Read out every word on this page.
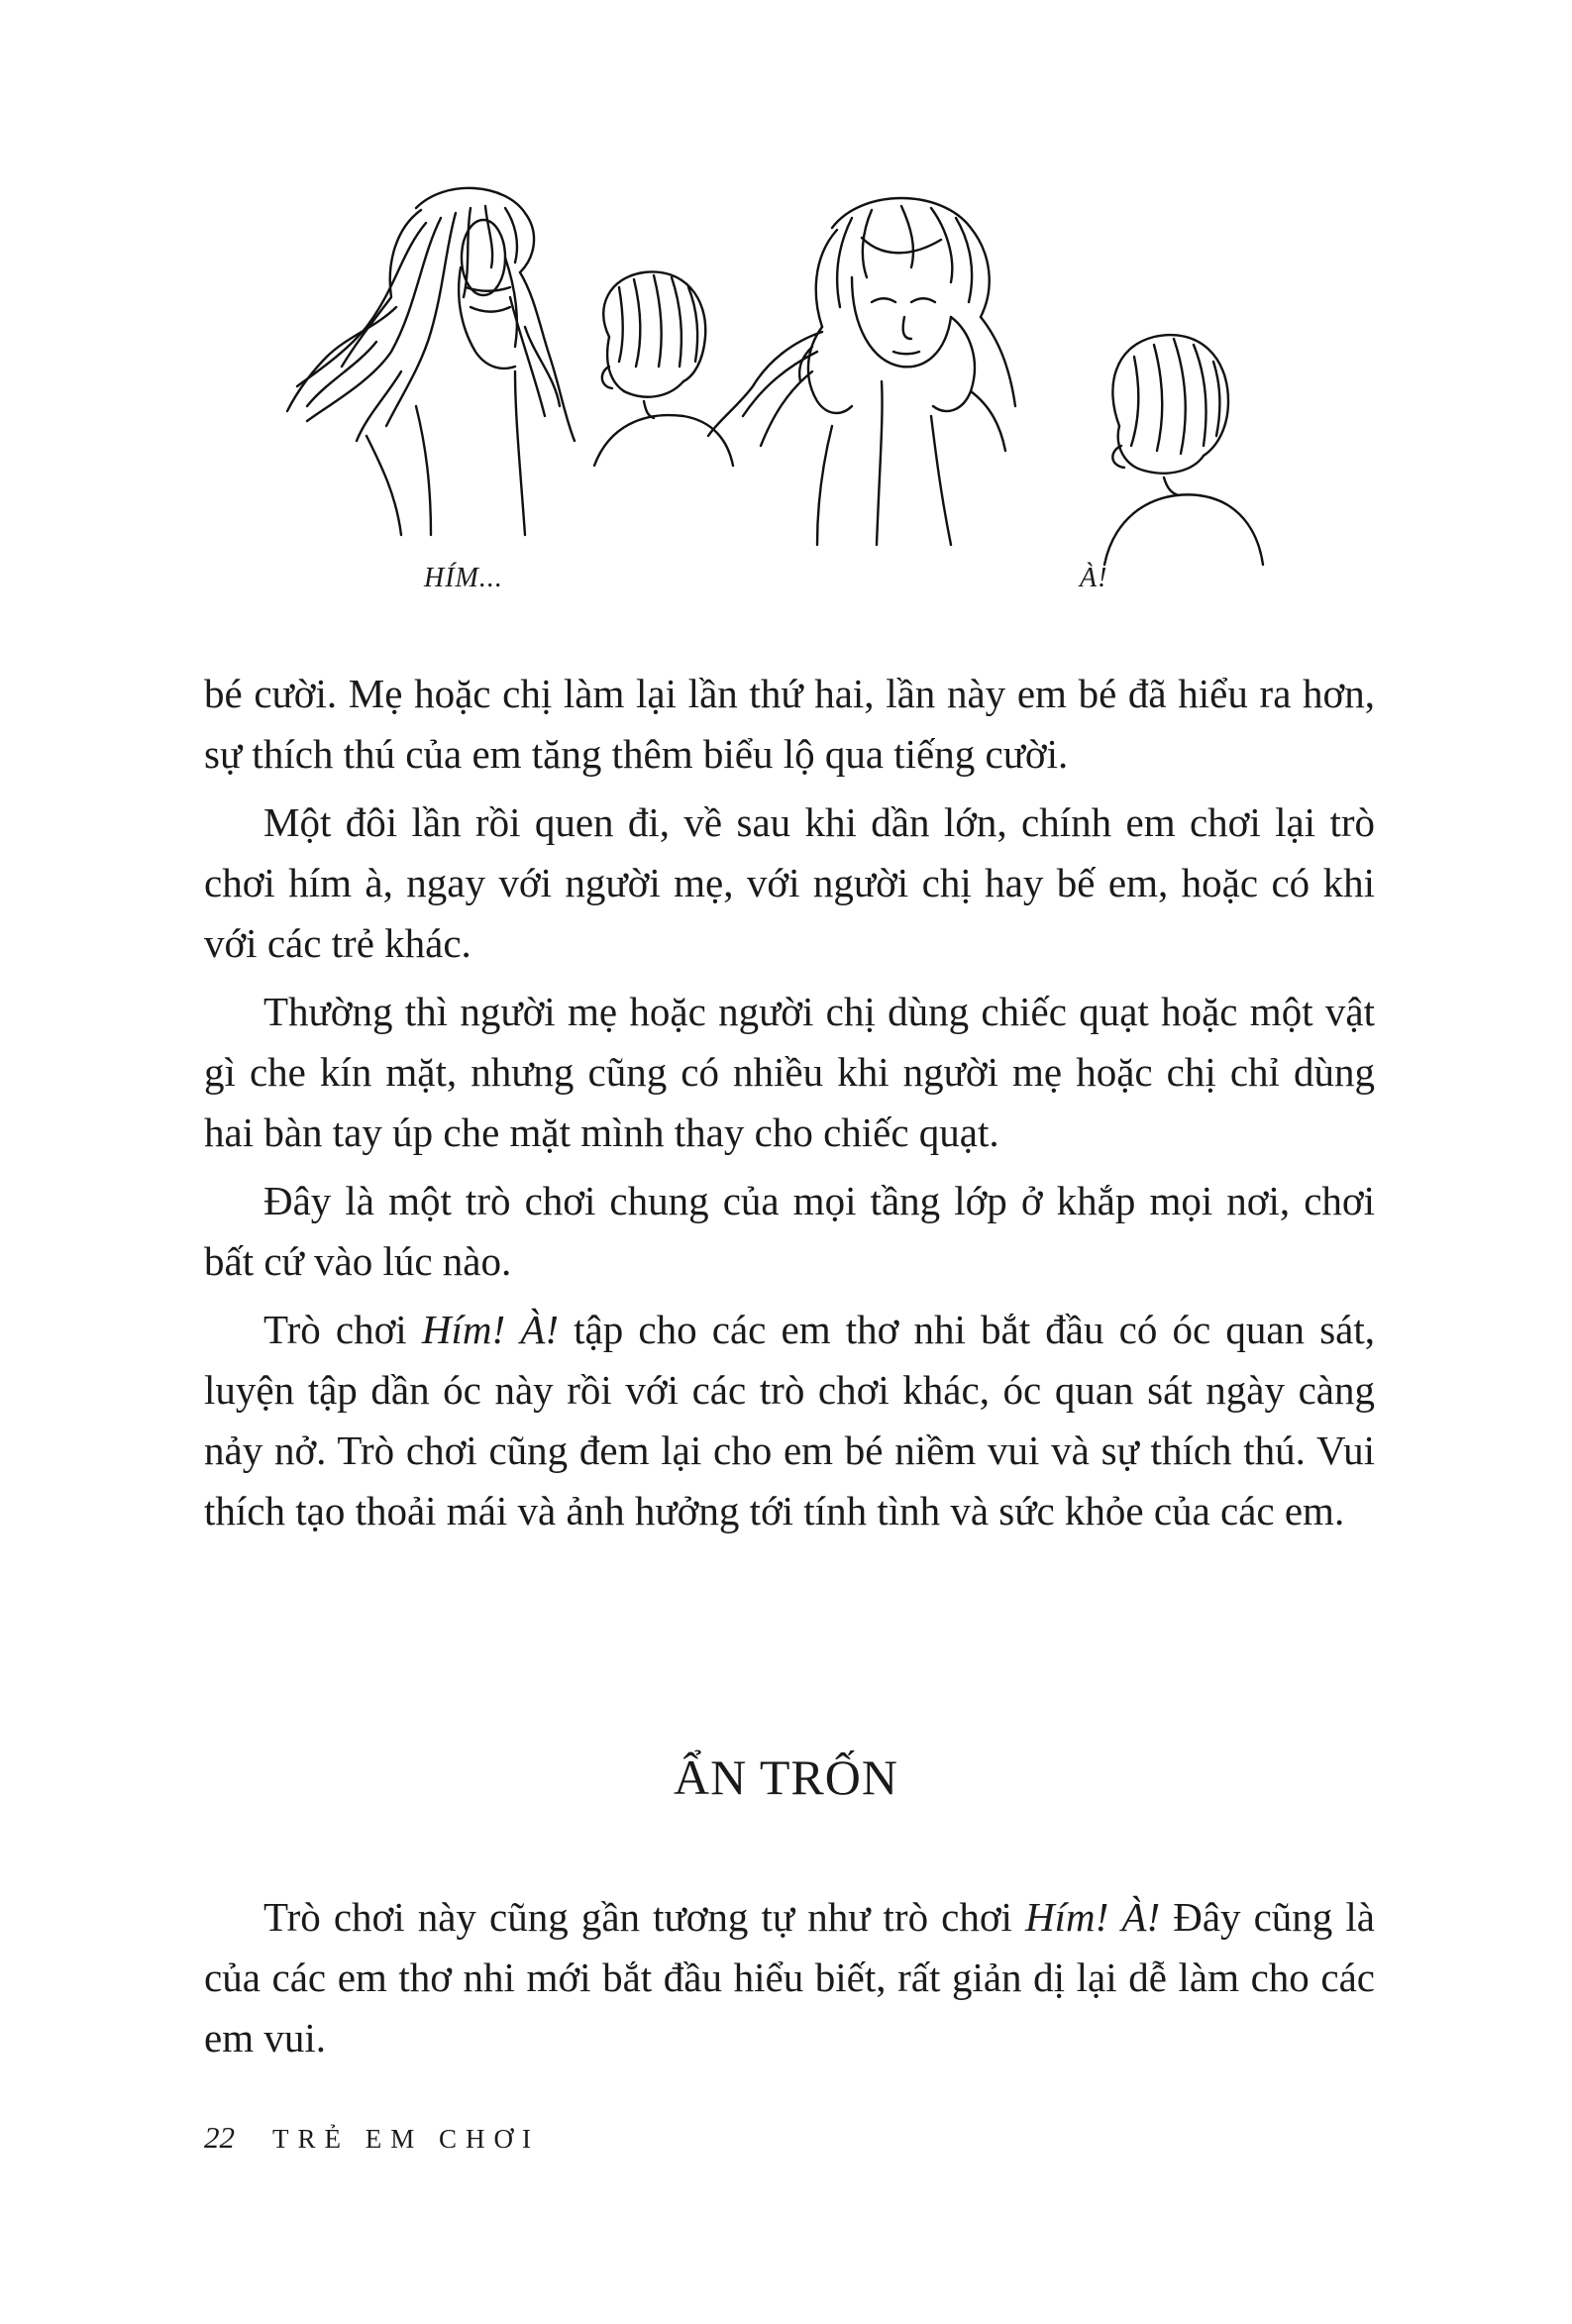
HÍM...	À!

bé cười. Mẹ hoặc chị làm lại lần thứ hai, lần này em bé đã hiểu ra hơn, sự thích thú của em tăng thêm biểu lộ qua tiếng cười.

Một đôi lần rồi quen đi, về sau khi dần lớn, chính em chơi lại trò chơi hím à, ngay với người mẹ, với người chị hay bế em, hoặc có khi với các trẻ khác.

Thường thì người mẹ hoặc người chị dùng chiếc quạt hoặc một vật gì che kín mặt, nhưng cũng có nhiều khi người mẹ hoặc chị chỉ dùng hai bàn tay úp che mặt mình thay cho chiếc quạt.

Đây là một trò chơi chung của mọi tầng lớp ở khắp mọi nơi, chơi bất cứ vào lúc nào.

Trò chơi Hím! À! tập cho các em thơ nhi bắt đầu có óc quan sát, luyện tập dần óc này rồi với các trò chơi khác, óc quan sát ngày càng nảy nở. Trò chơi cũng đem lại cho em bé niềm vui và sự thích thú. Vui thích tạo thoải mái và ảnh hưởng tới tính tình và sức khỏe của các em.

ẨN TRỐN

Trò chơi này cũng gần tương tự như trò chơi Hím! À! Đây cũng là của các em thơ nhi mới bắt đầu hiểu biết, rất giản dị lại dễ làm cho các em vui.

22 TRẺ EM CHƠI
